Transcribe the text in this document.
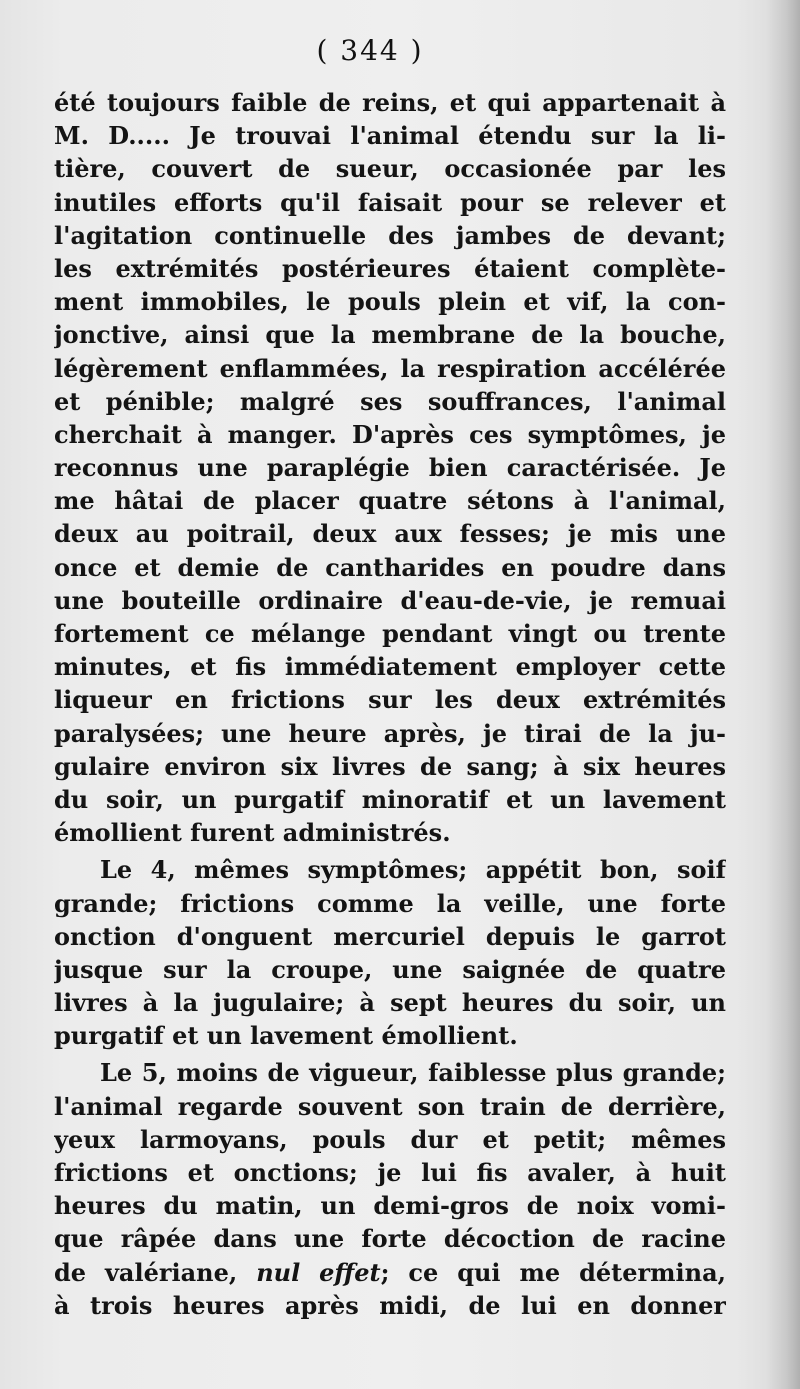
( 344 )
été toujours faible de reins, et qui appartenait à
M. D..... Je trouvai l'animal étendu sur la li-
tière, couvert de sueur, occasionée par les
inutiles efforts qu'il faisait pour se relever et
l'agitation continuelle des jambes de devant;
les extrémités postérieures étaient complète-
ment immobiles, le pouls plein et vif, la con-
jonctive, ainsi que la membrane de la bouche,
légèrement enflammées, la respiration accélérée
et pénible; malgré ses souffrances, l'animal
cherchait à manger. D'après ces symptômes, je
reconnus une paraplégie bien caractérisée. Je
me hâtai de placer quatre sétons à l'animal,
deux au poitrail, deux aux fesses; je mis une
once et demie de cantharides en poudre dans
une bouteille ordinaire d'eau-de-vie, je remuai
fortement ce mélange pendant vingt ou trente
minutes, et fis immédiatement employer cette
liqueur en frictions sur les deux extrémités
paralysées; une heure après, je tirai de la ju-
gulaire environ six livres de sang; à six heures
du soir, un purgatif minoratif et un lavement
émollient furent administrés.
Le 4, mêmes symptômes; appétit bon, soif
grande; frictions comme la veille, une forte
onction d'onguent mercuriel depuis le garrot
jusque sur la croupe, une saignée de quatre
livres à la jugulaire; à sept heures du soir, un
purgatif et un lavement émollient.
Le 5, moins de vigueur, faiblesse plus grande;
l'animal regarde souvent son train de derrière,
yeux larmoyans, pouls dur et petit; mêmes
frictions et onctions; je lui fis avaler, à huit
heures du matin, un demi-gros de noix vomi-
que râpée dans une forte décoction de racine
de valériane, nul effet; ce qui me détermina,
à trois heures après midi, de lui en donner
